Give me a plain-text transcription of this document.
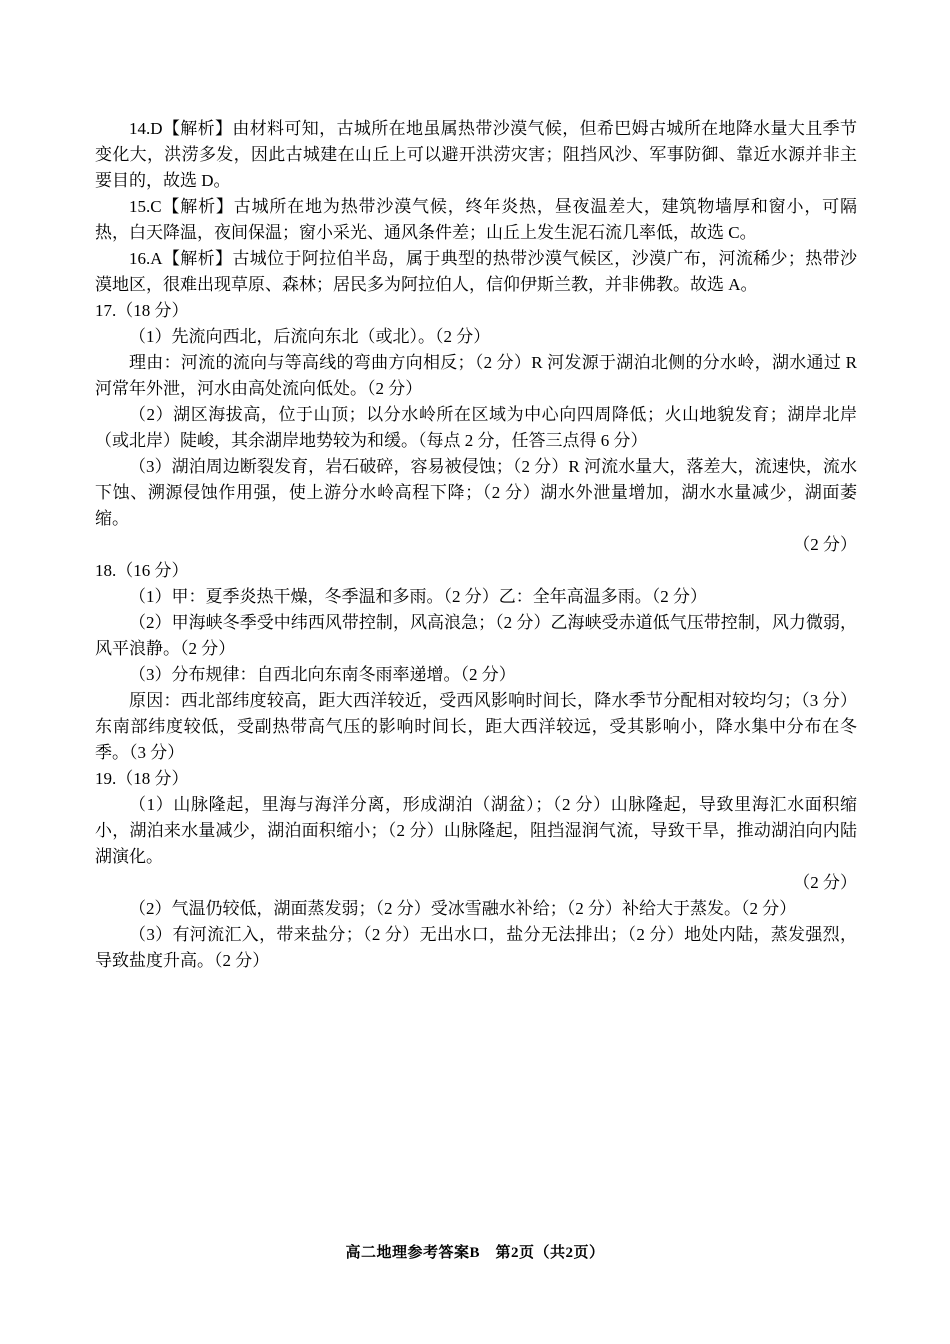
14.D【解析】由材料可知，古城所在地虽属热带沙漠气候，但希巴姆古城所在地降水量大且季节变化大，洪涝多发，因此古城建在山丘上可以避开洪涝灾害；阻挡风沙、军事防御、靠近水源并非主要目的，故选 D。

15.C【解析】古城所在地为热带沙漠气候，终年炎热，昼夜温差大，建筑物墙厚和窗小，可隔热，白天降温，夜间保温；窗小采光、通风条件差；山丘上发生泥石流几率低，故选 C。

16.A【解析】古城位于阿拉伯半岛，属于典型的热带沙漠气候区，沙漠广布，河流稀少；热带沙漠地区，很难出现草原、森林；居民多为阿拉伯人，信仰伊斯兰教，并非佛教。故选 A。

17.（18 分）

（1）先流向西北，后流向东北（或北）。（2 分）

理由：河流的流向与等高线的弯曲方向相反；（2 分）R 河发源于湖泊北侧的分水岭，湖水通过 R 河常年外泄，河水由高处流向低处。（2 分）

（2）湖区海拔高，位于山顶；以分水岭所在区域为中心向四周降低；火山地貌发育；湖岸北岸（或北岸）陡峻，其余湖岸地势较为和缓。（每点 2 分，任答三点得 6 分）

（3）湖泊周边断裂发育，岩石破碎，容易被侵蚀；（2 分）R 河流水量大，落差大，流速快，流水下蚀、溯源侵蚀作用强，使上游分水岭高程下降；（2 分）湖水外泄量增加，湖水水量减少，湖面萎缩。

（2 分）

18.（16 分）

（1）甲：夏季炎热干燥，冬季温和多雨。（2 分）乙：全年高温多雨。（2 分）

（2）甲海峡冬季受中纬西风带控制，风高浪急；（2 分）乙海峡受赤道低气压带控制，风力微弱，风平浪静。（2 分）

（3）分布规律：自西北向东南冬雨率递增。（2 分）

原因：西北部纬度较高，距大西洋较近，受西风影响时间长，降水季节分配相对较均匀；（3 分）东南部纬度较低，受副热带高气压的影响时间长，距大西洋较远，受其影响小，降水集中分布在冬季。（3 分）

19.（18 分）

（1）山脉隆起，里海与海洋分离，形成湖泊（湖盆）；（2 分）山脉隆起，导致里海汇水面积缩小，湖泊来水量减少，湖泊面积缩小；（2 分）山脉隆起，阻挡湿润气流，导致干旱，推动湖泊向内陆湖演化。

（2 分）

（2）气温仍较低，湖面蒸发弱；（2 分）受冰雪融水补给；（2 分）补给大于蒸发。（2 分）

（3）有河流汇入，带来盐分；（2 分）无出水口，盐分无法排出；（2 分）地处内陆，蒸发强烈，导致盐度升高。（2 分）

高二地理参考答案B　第2页（共2页）
